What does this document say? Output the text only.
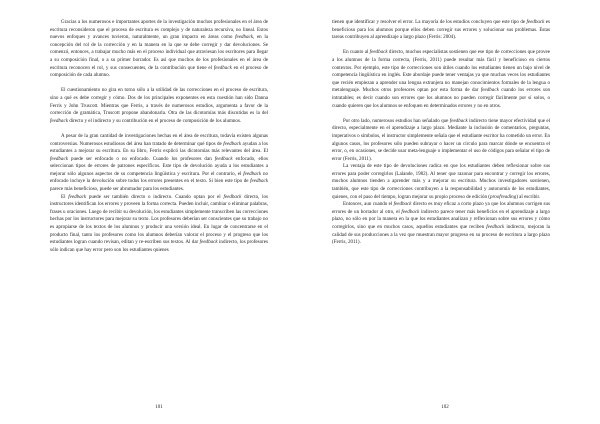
Gracias a los numerosos e importantes aportes de la investigación muchos profesionales en el área de escritura reconsideron que el proceso de escritura es complejo y de naturaleza recursiva, no lineal. Estos nuevos enfoques y avances tuvieron, naturalmente, un gran impacto en áreas como feedback, en la concepción del rol de la corrección y en la manera en la que se debe corregir y dar devoluciones. Se comenzó, entonces, a trabajar mucho más en el proceso individual que atraviesan los escritores para llegar a su composición final, o a su primer borrador. Es así que muchos de los profesionales en el área de escritura reconocen el rol, y sus consecuentes, de la contribución que tiene el feedback en el proceso de composición de cada alumno.

El cuestionamiento no gira en torno sólo a la utilidad de las correcciones en el proceso de escritura, sino a qué es debe corregir y cómo. Dos de los principales exponentes en esta cuestión han sido Danna Ferris y John Truscott. Mientras que Ferris, a través de numerosos estudios, argumenta a favor de la corrección de gramática, Truscott propone abandonarla. Otra de las dicotomías más discutidas es la del feedback directo y el indirecto y su contribución en el proceso de composición de los alumnos.

A pesar de la gran cantidad de investigaciones hechas en el área de escritura, todavía existen algunas controversias. Numerosos estudiosos del área han tratado de determinar qué tipos de feedback ayudan a los estudiantes a mejorar su escritura. En su libro, Ferris explicó las dicotomías más relevantes del área. El feedback puede ser enfocado o no enfocado. Cuando los profesores dan feedback enfocado, ellos seleccionan tipos de errores de patrones específicos. Este tipo de devolución ayuda a los estudiantes a mejorar sólo algunos aspectos de su competencia lingüística y escritura. Por el contrario, el feedback no enfocado incluye la devolución sobre todos los errores presentes en el texto. Si bien este tipo de feedback parece más beneficioso, puede ser abrumador para los estudiantes.

El feedback puede ser también directo o indirecto. Cuando optan por el feedback directo, los instructores identifican los errores y proveen la forma correcta. Pueden incluir, cambiar o eliminar palabras, frases u oraciones. Luego de recibir su devolución, los estudiantes simplemente transcriben las correcciones hechas por los instructores para mejorar su texto. Los profesores deberían ser conscientes que su trabajo no es apropiarse de los textos de los alumnos y producir una versión ideal. En lugar de concentrarse en el producto final, tanto los profesores como los alumnos deberían valorar el proceso y el progreso que los estudiantes logran cuando revisan, editan y re-escriben sus textos. Al dar feedback indirecto, los profesores sólo indican que hay error pero son los estudiantes quienes

101

tienen que identificar y resolver el error. La mayoría de los estudios concluyen que este tipo de feedback es beneficioso para los alumnos porque ellos deben corregir sus errores y solucionar sus problemas. Estas tareas contribuyen al aprendizaje a largo plazo (Ferris: 2004).

En cuanto al feedback directo, muchos especialistas sostienen que ese tipo de correcciones que provee a los alumnos de la forma correcta, (Ferris, 2011) puede resultar más fácil y beneficioso en ciertos contextos. Por ejemplo, este tipo de correcciones son útiles cuando los estudiantes tienen un bajo nivel de competencia lingüística en inglés. Este abordaje puede tener ventajas ya que muchas veces los estudiantes que recién empiezan a aprender una lengua extranjera no manejan conocimientos formales de la lengua o metalenguaje. Muchos otros profesores optan por esta forma de dar feedback cuando los errores son intratables; es decir cuando son errores que los alumnos no pueden corregir fácilmente por sí solos, o cuando quieren que los alumnos se enfoquen en determinados errores y no en otros.

Por otro lado, numerosos estudios han señalado que feedback indirecto tiene mayor efectividad que el directo, especialmente en el aprendizaje a largo plazo. Mediante la inclusión de comentarios, preguntas, imperativos o símbolos, el instructor simplemente señala que el estudiante escritor ha cometido un error. En algunos casos, los profesores sólo pueden subrayar o hacer un círculo para marcar dónde se encuentra el error, o, en ocasiones, se decide usar meta-lenguaje o implementar el uso de códigos para señalar el tipo de error (Ferris, 2011).

La ventaja de este tipo de devoluciones radica en que los estudiantes deben reflexionar sobre sus errores para poder corregirlos (Lalande, 1982). Al tener que razonar para encontrar y corregir los errores, muchos alumnos tienden a aprender más y a mejorar su escritura. Muchos investigadores sostienen, también, que este tipo de correcciones contribuyen a la responsabilidad y autonomía de los estudiantes, quienes, con el paso del tiempo, logran mejorar su propio proceso de edición (proofreading) al escribir.

Entonces, aun cuando el feedback directo es muy eficaz a corto plazo ya que los alumnos corrigen sus errores de un borrador al otro, el feedback indirecto parece tener más beneficios en el aprendizaje a largo plazo, no sólo en por la manera en la que los estudiantes analizan y reflexionan sobre sus errores y cómo corregirlos, sino que en muchos casos, aquellos estudiantes que reciben feedback indirecto, mejoran la calidad de sus producciones a la vez que muestran mayor progreso en su proceso de escritura a largo plazo (Ferris, 2011).

102
